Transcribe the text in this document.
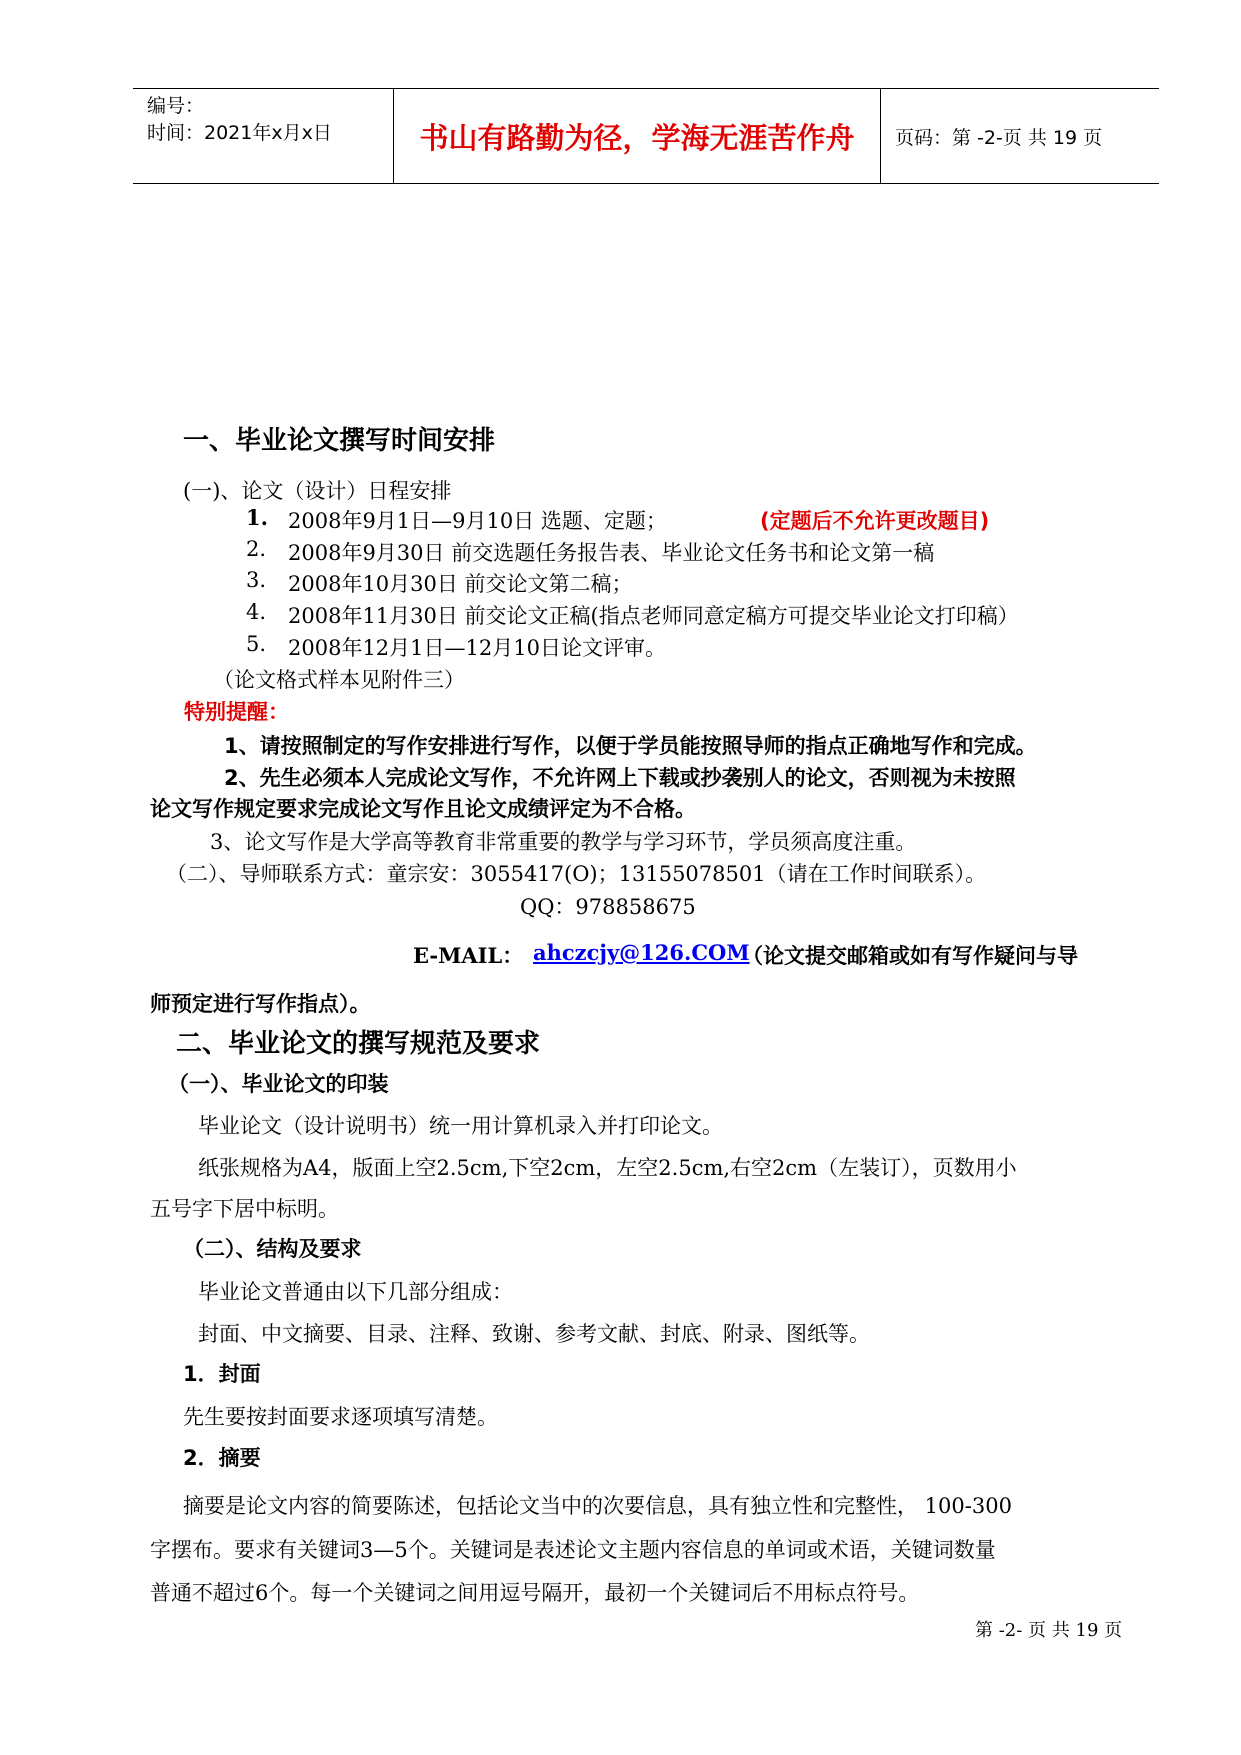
编号：
时间：2021年x月x日	书山有路勤为径，学海无涯苦作舟	页码：第 -2-页 共 19 页
一、毕业论文撰写时间安排
(一)、论文（设计）日程安排
1. 2008年9月1日—9月10日 选题、定题；	(定题后不允许更改题目)
2. 2008年9月30日 前交选题任务报告表、毕业论文任务书和论文第一稿
3. 2008年10月30日 前交论文第二稿；
4. 2008年11月30日 前交论文正稿(指点老师同意定稿方可提交毕业论文打印稿）
5. 2008年12月1日—12月10日论文评审。
（论文格式样本见附件三）
特别提醒：
1、请按照制定的写作安排进行写作，以便于学员能按照导师的指点正确地写作和完成。
2、先生必须本人完成论文写作，不允许网上下载或抄袭别人的论文，否则视为未按照
论文写作规定要求完成论文写作且论文成绩评定为不合格。
3、论文写作是大学高等教育非常重要的教学与学习环节，学员须高度注重。
（二）、导师联系方式：童宗安：3055417(O)；13155078501（请在工作时间联系）。
QQ：978858675
E-MAIL： ahczcjy@126.COM
（论文提交邮箱或如有写作疑问与导
师预定进行写作指点）。
二、毕业论文的撰写规范及要求
（一）、毕业论文的印装
毕业论文（设计说明书）统一用计算机录入并打印论文。
纸张规格为A4，版面上空2.5cm,下空2cm，左空2.5cm,右空2cm（左装订），页数用小
五号字下居中标明。
（二）、结构及要求
毕业论文普通由以下几部分组成：
封面、中文摘要、目录、注释、致谢、参考文献、封底、附录、图纸等。
1．封面
先生要按封面要求逐项填写清楚。
2．摘要
摘要是论文内容的简要陈述，包括论文当中的次要信息，具有独立性和完整性， 100-300
字摆布。要求有关键词3—5个。关键词是表述论文主题内容信息的单词或术语，关键词数量
普通不超过6个。每一个关键词之间用逗号隔开，最初一个关键词后不用标点符号。
第 -2- 页 共 19 页
